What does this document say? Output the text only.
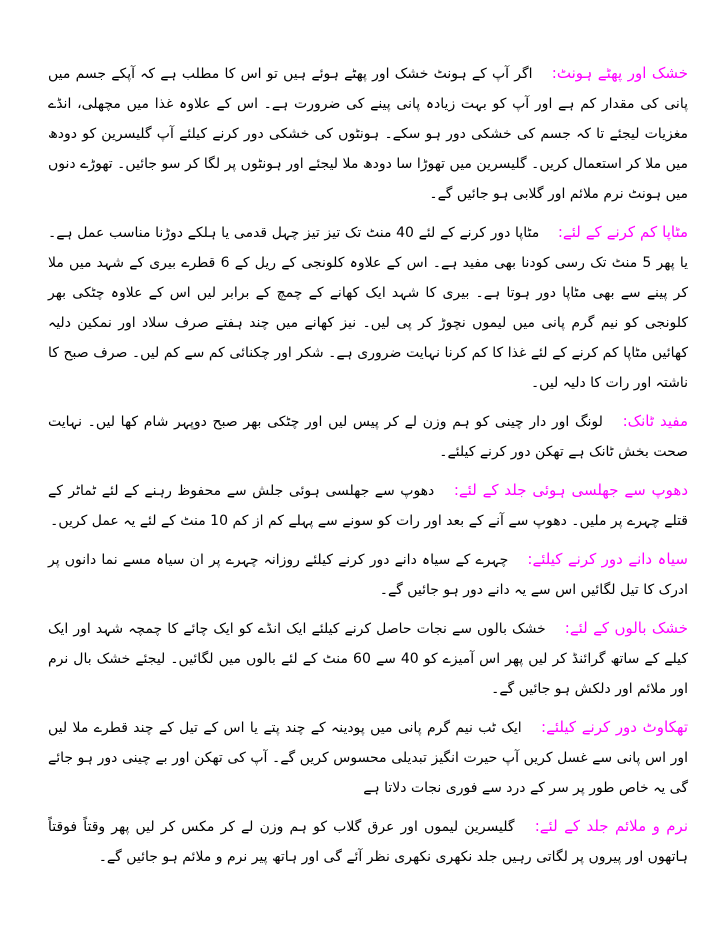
خشک اور پھٹے ہونٹ: اگر آپ کے ہونٹ خشک اور پھٹے ہوئے ہیں تو اس کا مطلب ہے کہ آپکے جسم میں پانی کی مقدار کم ہے اور آپ کو بہت زیادہ پانی پینے کی ضرورت ہے۔ اس کے علاوہ غذا میں مچھلی، انڈے مغزیات لیجئے تا کہ جسم کی خشکی دور ہو سکے۔ ہونٹوں کی خشکی دور کرنے کیلئے آپ گلیسرین کو دودھ میں ملا کر استعمال کریں۔ گلیسرین میں تھوڑا سا دودھ ملا لیجئے اور ہونٹوں پر لگا کر سو جائیں۔ تھوڑے دنوں میں ہونٹ نرم ملائم اور گلابی ہو جائیں گے۔

مٹاپا کم کرنے کے لئے: مٹاپا دور کرنے کے لئے 40 منٹ تک تیز تیز چہل قدمی یا ہلکے دوڑنا مناسب عمل ہے۔ یا پھر 5 منٹ تک رسی کودنا بھی مفید ہے۔ اس کے علاوہ کلونجی کے ریل کے 6 قطرے بیری کے شہد میں ملا کر پینے سے بھی مٹاپا دور ہوتا ہے۔ بیری کا شہد ایک کھانے کے چمچ کے برابر لیں اس کے علاوہ چٹکی بھر کلونجی کو نیم گرم پانی میں لیموں نچوڑ کر پی لیں۔ نیز کھانے میں چند ہفتے صرف سلاد اور نمکین دلیہ کھائیں مٹاپا کم کرنے کے لئے غذا کا کم کرنا نہایت ضروری ہے۔ شکر اور چکنائی کم سے کم لیں۔ صرف صبح کا ناشتہ اور رات کا دلیہ لیں۔

مفید ٹانک: لونگ اور دار چینی کو ہم وزن لے کر پیس لیں اور چٹکی بھر صبح دوپہر شام کھا لیں۔ نہایت صحت بخش ٹانک ہے تھکن دور کرنے کیلئے۔

دھوپ سے جھلسی ہوئی جلد کے لئے: دھوپ سے جھلسی ہوئی جلش سے محفوظ رہنے کے لئے ٹماٹر کے قتلے چہرے پر ملیں۔ دھوپ سے آنے کے بعد اور رات کو سونے سے پہلے کم از کم 10 منٹ کے لئے یہ عمل کریں۔

سیاہ دانے دور کرنے کیلئے: چہرے کے سیاہ دانے دور کرنے کیلئے روزانہ چہرے پر ان سیاہ مسے نما دانوں پر ادرک کا تیل لگائیں اس سے یہ دانے دور ہو جائیں گے۔

خشک بالوں کے لئے: خشک بالوں سے نجات حاصل کرنے کیلئے ایک انڈے کو ایک چائے کا چمچہ شہد اور ایک کیلے کے ساتھ گرائنڈ کر لیں پھر اس آمیزے کو 40 سے 60 منٹ کے لئے بالوں میں لگائیں۔ لیجئے خشک بال نرم اور ملائم اور دلکش ہو جائیں گے۔

تھکاوٹ دور کرنے کیلئے: ایک ٹب نیم گرم پانی میں پودینہ کے چند پتے یا اس کے تیل کے چند قطرے ملا لیں اور اس پانی سے غسل کریں آپ حیرت انگیز تبدیلی محسوس کریں گے۔ آپ کی تھکن اور بے چینی دور ہو جائے گی یہ خاص طور پر سر کے درد سے فوری نجات دلاتا ہے

نرم و ملائم جلد کے لئے: گلیسرین لیموں اور عرق گلاب کو ہم وزن لے کر مکس کر لیں پھر وقتاً فوقتاً ہاتھوں اور پیروں پر لگاتی رہیں جلد نکھری نکھری نظر آئے گی اور ہاتھ پیر نرم و ملائم ہو جائیں گے۔
